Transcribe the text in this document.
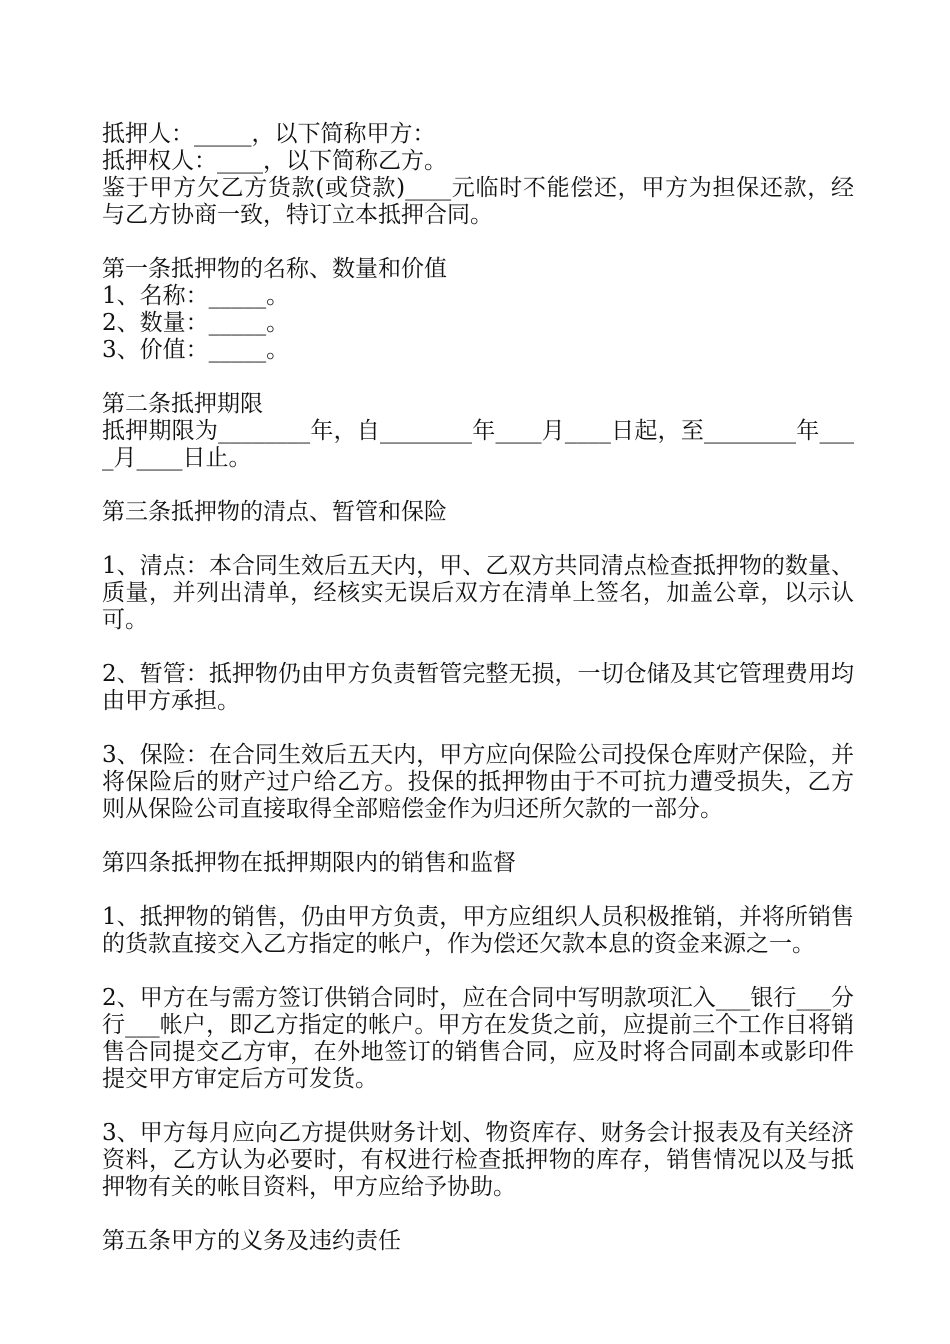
抵押人：_____，以下简称甲方：

抵押权人：____，以下简称乙方。

鉴于甲方欠乙方货款(或贷款)____元临时不能偿还，甲方为担保还款，经与乙方协商一致，特订立本抵押合同。

第一条抵押物的名称、数量和价值

1、名称：_____。

2、数量：_____。

3、价值：_____。

第二条抵押期限

抵押期限为________年，自________年____月____日起，至________年____月____日止。

第三条抵押物的清点、暂管和保险

1、清点：本合同生效后五天内，甲、乙双方共同清点检查抵押物的数量、质量，并列出清单，经核实无误后双方在清单上签名，加盖公章，以示认可。

2、暂管：抵押物仍由甲方负责暂管完整无损，一切仓储及其它管理费用均由甲方承担。

3、保险：在合同生效后五天内，甲方应向保险公司投保仓库财产保险，并将保险后的财产过户给乙方。投保的抵押物由于不可抗力遭受损失，乙方则从保险公司直接取得全部赔偿金作为归还所欠款的一部分。

第四条抵押物在抵押期限内的销售和监督

1、抵押物的销售，仍由甲方负责，甲方应组织人员积极推销，并将所销售的货款直接交入乙方指定的帐户，作为偿还欠款本息的资金来源之一。

2、甲方在与需方签订供销合同时，应在合同中写明款项汇入___银行___分行___帐户，即乙方指定的帐户。甲方在发货之前，应提前三个工作日将销售合同提交乙方审，在外地签订的销售合同，应及时将合同副本或影印件提交甲方审定后方可发货。

3、甲方每月应向乙方提供财务计划、物资库存、财务会计报表及有关经济资料，乙方认为必要时，有权进行检查抵押物的库存，销售情况以及与抵押物有关的帐目资料，甲方应给予协助。

第五条甲方的义务及违约责任
